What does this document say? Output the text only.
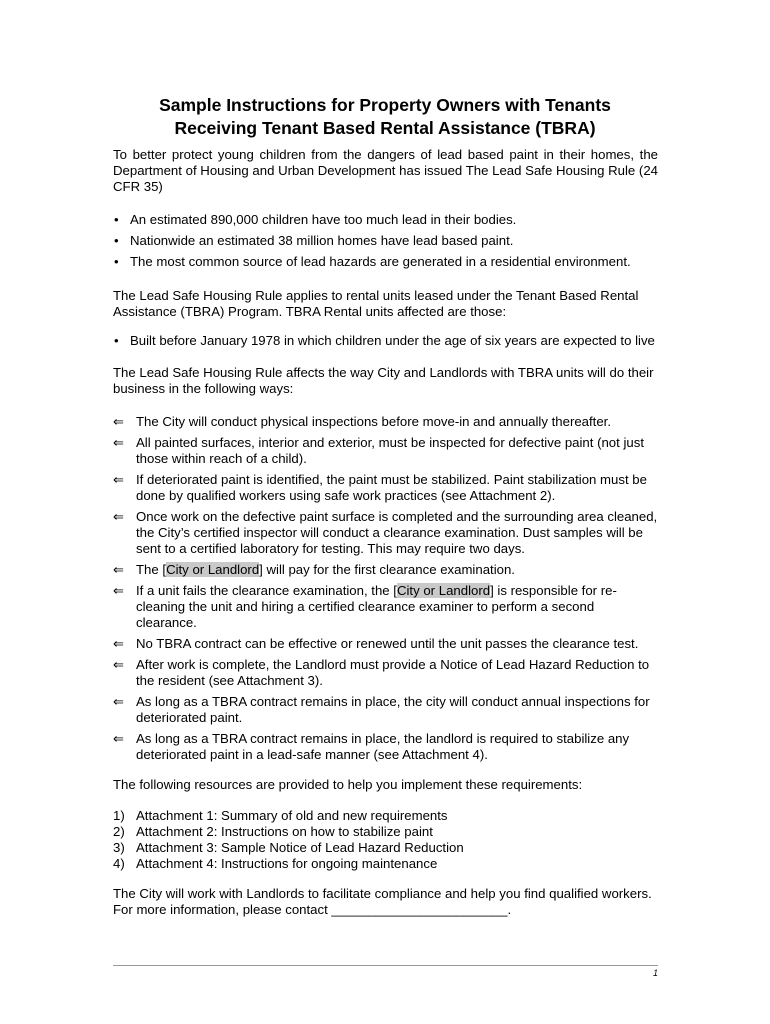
Sample Instructions for Property Owners with Tenants
Receiving Tenant Based Rental Assistance (TBRA)
To better protect young children from the dangers of lead based paint in their homes, the Department of Housing and Urban Development has issued The Lead Safe Housing Rule (24 CFR 35)
• An estimated 890,000 children have too much lead in their bodies.
• Nationwide an estimated 38 million homes have lead based paint.
• The most common source of lead hazards are generated in a residential environment.
The Lead Safe Housing Rule applies to rental units leased under the Tenant Based Rental Assistance (TBRA) Program. TBRA Rental units affected are those:
• Built before January 1978 in which children under the age of six years are expected to live
The Lead Safe Housing Rule affects the way City and Landlords with TBRA units will do their business in the following ways:
⇐ The City will conduct physical inspections before move-in and annually thereafter.
⇐ All painted surfaces, interior and exterior, must be inspected for defective paint (not just those within reach of a child).
⇐ If deteriorated paint is identified, the paint must be stabilized. Paint stabilization must be done by qualified workers using safe work practices (see Attachment 2).
⇐ Once work on the defective paint surface is completed and the surrounding area cleaned, the City’s certified inspector will conduct a clearance examination. Dust samples will be sent to a certified laboratory for testing. This may require two days.
⇐ The [City or Landlord] will pay for the first clearance examination.
⇐ If a unit fails the clearance examination, the [City or Landlord] is responsible for re-cleaning the unit and hiring a certified clearance examiner to perform a second clearance.
⇐ No TBRA contract can be effective or renewed until the unit passes the clearance test.
⇐ After work is complete, the Landlord must provide a Notice of Lead Hazard Reduction to the resident (see Attachment 3).
⇐ As long as a TBRA contract remains in place, the city will conduct annual inspections for deteriorated paint.
⇐ As long as a TBRA contract remains in place, the landlord is required to stabilize any deteriorated paint in a lead-safe manner (see Attachment 4).
The following resources are provided to help you implement these requirements:
1) Attachment 1: Summary of old and new requirements
2) Attachment 2: Instructions on how to stabilize paint
3) Attachment 3: Sample Notice of Lead Hazard Reduction
4) Attachment 4: Instructions for ongoing maintenance
The City will work with Landlords to facilitate compliance and help you find qualified workers.
For more information, please contact ________________________.
1
